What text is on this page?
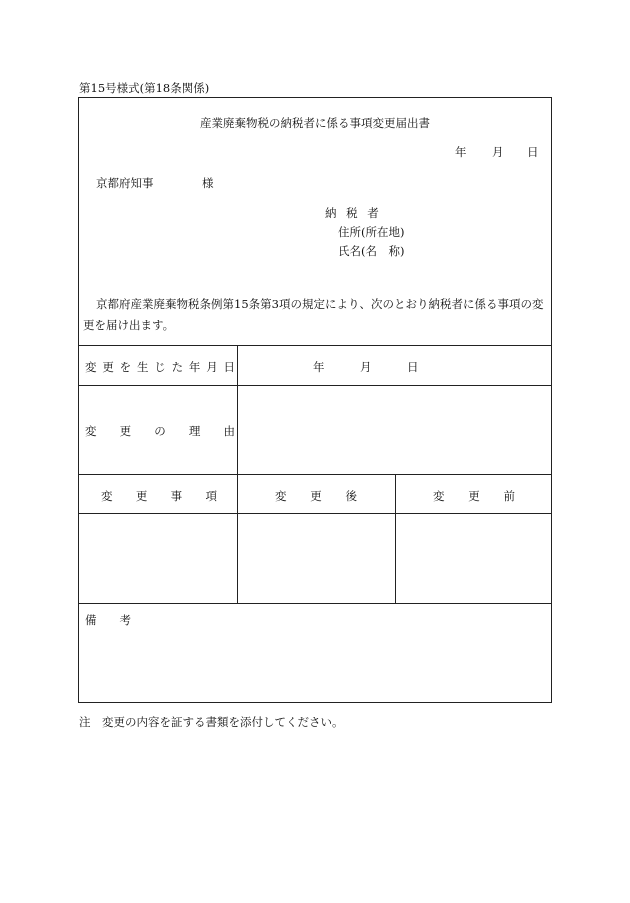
第15号様式(第18条関係)
産業廃棄物税の納税者に係る事項変更届出書
年 月 日
京都府知事	様
納 税 者
住所(所在地)
氏名(名　称)
京都府産業廃棄物税条例第15条第3項の規定により、次のとおり納税者に係る事項の変更を届け出ます。
変 更 を 生 じ た 年 月 日	年	月	日
変 更 の 理 由
変 更 事 項	変 更 後	変 更 前
備 考
注　変更の内容を証する書類を添付してください。
